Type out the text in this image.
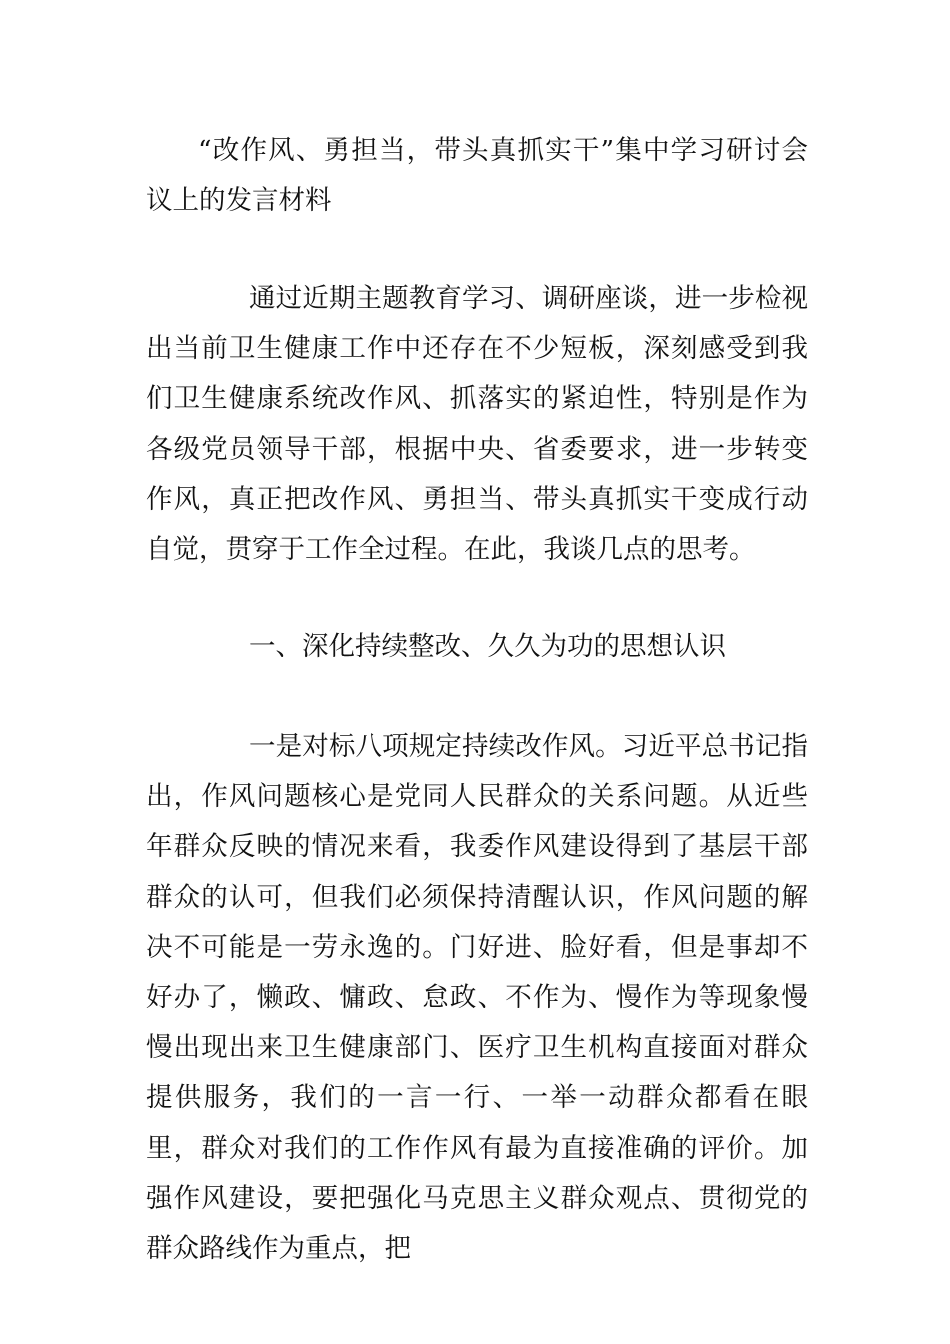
“改作风、勇担当，带头真抓实干”集中学习研讨会议上的发言材料

通过近期主题教育学习、调研座谈，进一步检视出当前卫生健康工作中还存在不少短板，深刻感受到我们卫生健康系统改作风、抓落实的紧迫性，特别是作为各级党员领导干部，根据中央、省委要求，进一步转变作风，真正把改作风、勇担当、带头真抓实干变成行动自觉，贯穿于工作全过程。在此，我谈几点的思考。

一、深化持续整改、久久为功的思想认识

一是对标八项规定持续改作风。习近平总书记指出，作风问题核心是党同人民群众的关系问题。从近些年群众反映的情况来看，我委作风建设得到了基层干部群众的认可，但我们必须保持清醒认识，作风问题的解决不可能是一劳永逸的。门好进、脸好看，但是事却不好办了，懒政、慵政、怠政、不作为、慢作为等现象慢慢出现出来卫生健康部门、医疗卫生机构直接面对群众提供服务，我们的一言一行、一举一动群众都看在眼里，群众对我们的工作作风有最为直接准确的评价。加强作风建设，要把强化马克思主义群众观点、贯彻党的群众路线作为重点，把
